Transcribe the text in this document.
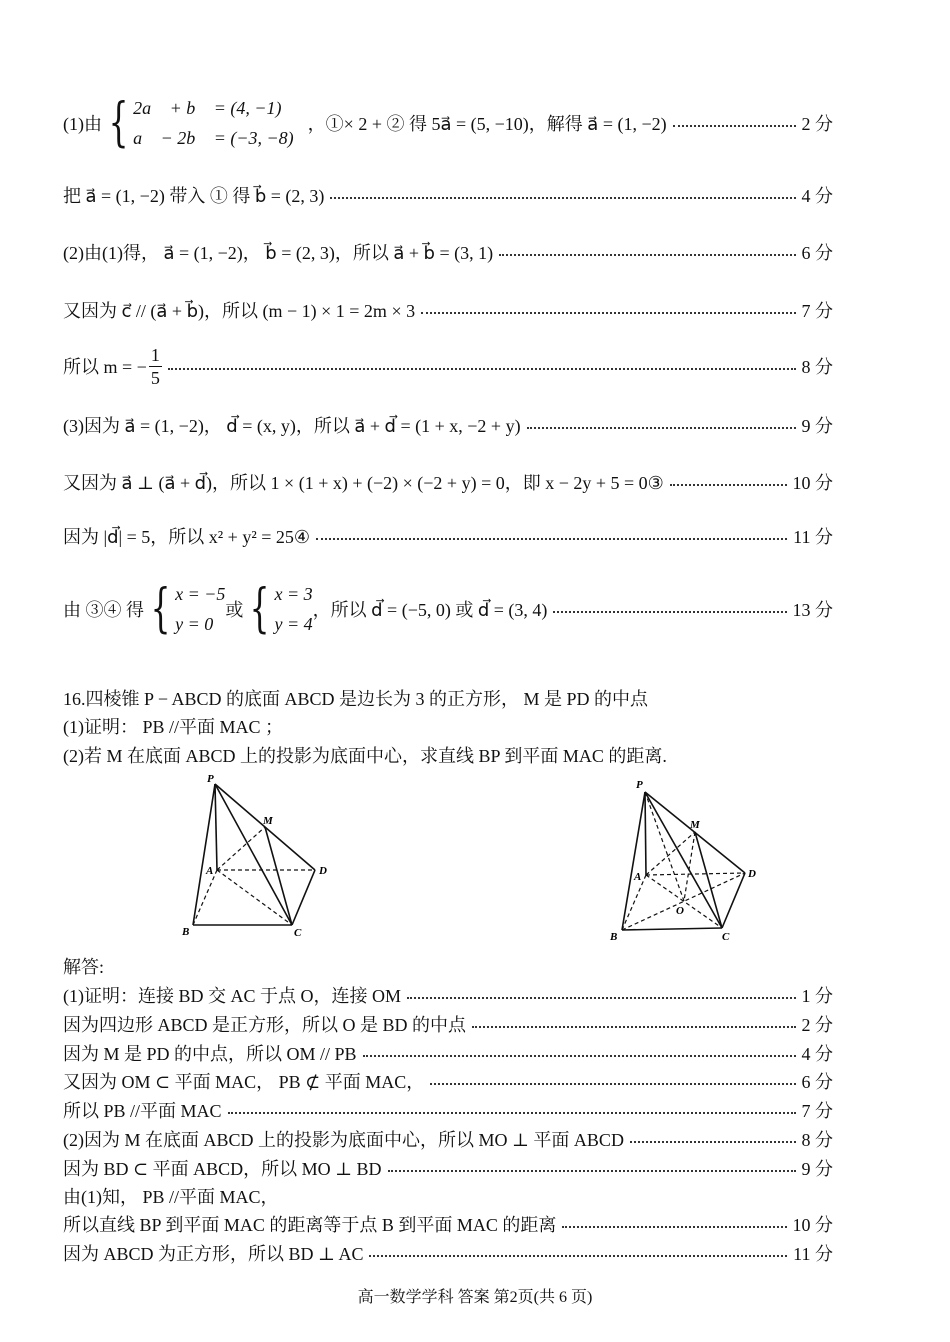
(1)由 { 2a⃗ + b⃗ = (4, −1)①
a⃗ − 2b⃗ = (−3, −8)②
，①× 2 + ② 得 5a⃗ = (5, −10)，解得 a⃗ = (1, −2)	2 分
把 a⃗ = (1, −2) 带入 ① 得 b⃗ = (2, 3)	4 分
(2)由(1)得， a⃗ = (1, −2)， b⃗ = (2, 3)，所以 a⃗ + b⃗ = (3, 1)	6 分
又因为 c⃗ // (a⃗ + b⃗)，所以 (m − 1) × 1 = 2m × 3	7 分
所以 m = − $\frac{1}{5}$	8 分
(3)因为 a⃗ = (1, −2)， d⃗ = (x, y)，所以 a⃗ + d⃗ = (1 + x, −2 + y)	9 分
又因为 a⃗ ⊥ (a⃗ + d⃗)，所以 1 × (1 + x) + (−2) × (−2 + y) = 0，即 x − 2y + 5 = 0③	10 分
因为 |d⃗| = 5，所以 x² + y² = 25④	11 分
由 ③④ 得 { x = −5
y = 0
或 { x = 3
y = 4
，所以 d⃗ = (−5, 0) 或 d⃗ = (3, 4)	13 分
16.四棱锥 P − ABCD 的底面 ABCD 是边长为 3 的正方形， M 是 PD 的中点
(1)证明： PB //平面 MAC ；
(2)若 M 在底面 ABCD 上的投影为底面中心，求直线 BP 到平面 MAC 的距离.
P
M
A	D
B	C
P
M
A	D
O
B	C
解答:
(1)证明：连接 BD 交 AC 于点 O，连接 OM	1 分
因为四边形 ABCD 是正方形，所以 O 是 BD 的中点	2 分
因为 M 是 PD 的中点，所以 OM // PB	4 分
又因为 OM ⊂ 平面 MAC， PB ⊄ 平面 MAC，	6 分
所以 PB //平面 MAC	7 分
(2)因为 M 在底面 ABCD 上的投影为底面中心，所以 MO ⊥ 平面 ABCD	8 分
因为 BD ⊂ 平面 ABCD，所以 MO ⊥ BD	9 分
由(1)知， PB //平面 MAC，
所以直线 BP 到平面 MAC 的距离等于点 B 到平面 MAC 的距离	10 分
因为 ABCD 为正方形，所以 BD ⊥ AC	11 分
高一数学学科 答案 第2页(共 6 页)
